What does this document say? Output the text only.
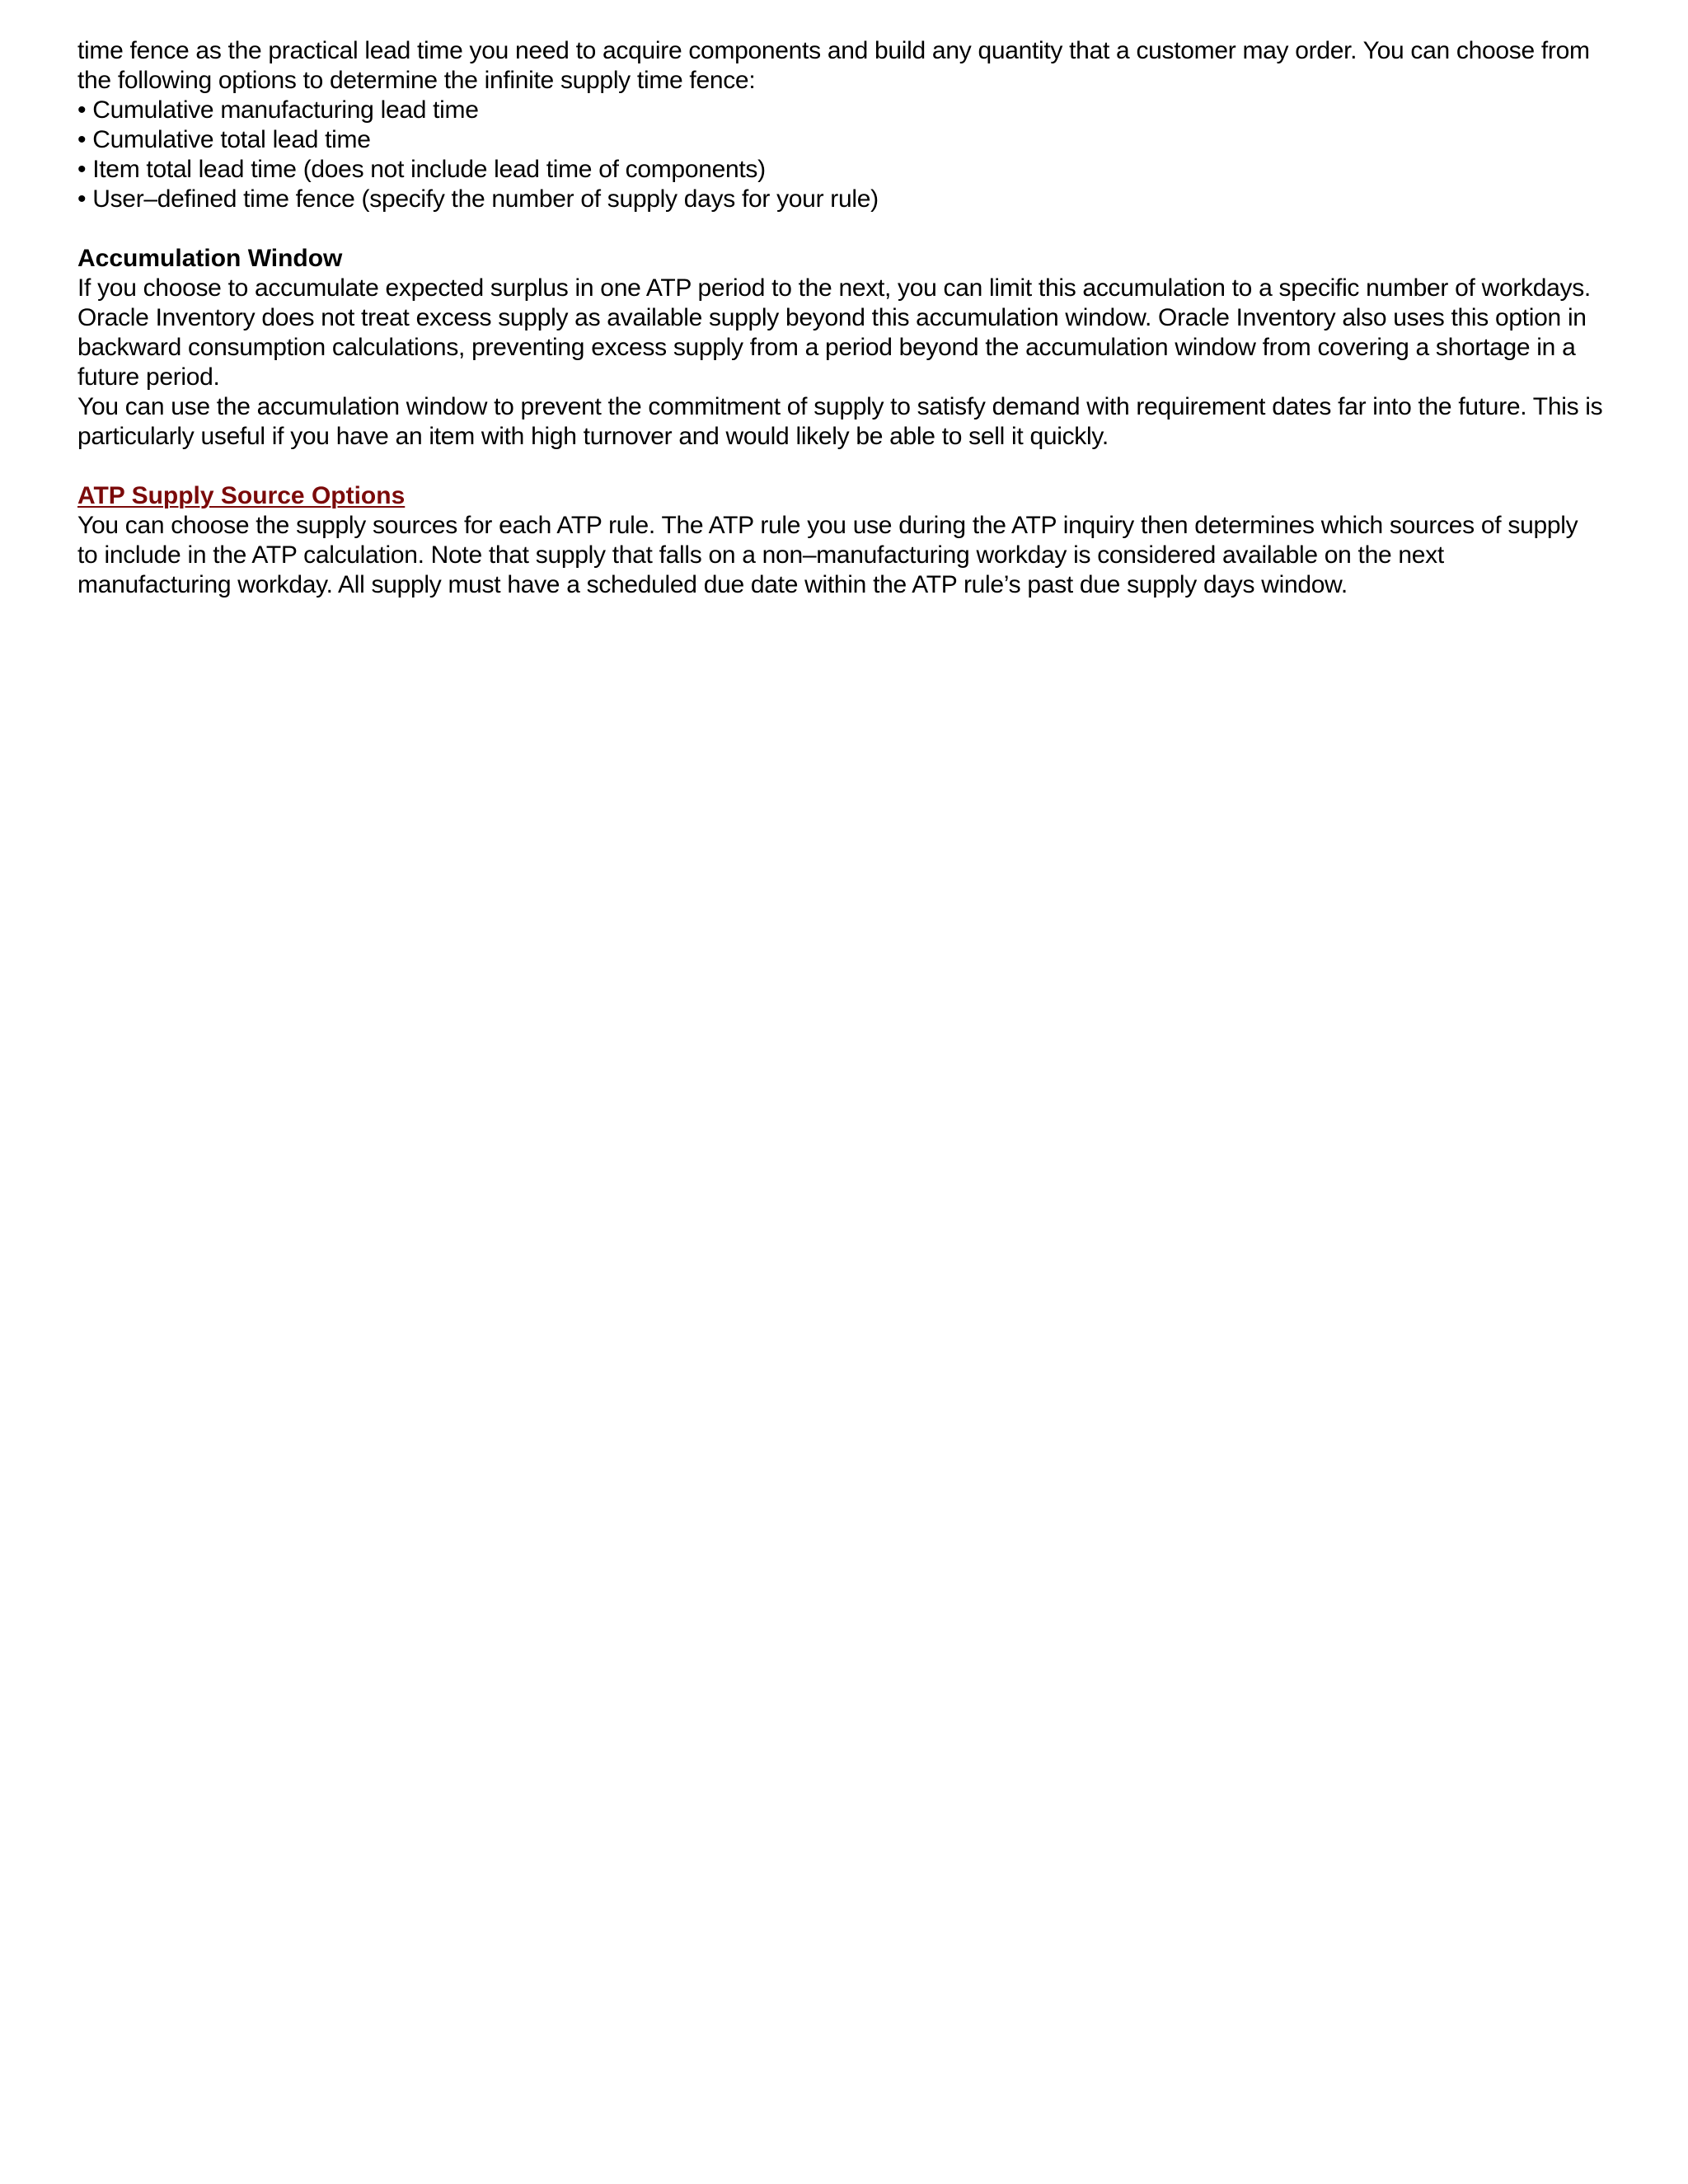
time fence as the practical lead time you need to acquire components and build any quantity that a customer may order. You can choose from
the following options to determine the infinite supply time fence:
• Cumulative manufacturing lead time
• Cumulative total lead time
• Item total lead time (does not include lead time of components)
• User–defined time fence (specify the number of supply days for your rule)
Accumulation Window
If you choose to accumulate expected surplus in one ATP period to the next, you can limit this accumulation to a specific number of workdays.
Oracle Inventory does not treat excess supply as available supply beyond this accumulation window. Oracle Inventory also uses this option in
backward consumption calculations, preventing excess supply from a period beyond the accumulation window from covering a shortage in a
future period.
You can use the accumulation window to prevent the commitment of supply to satisfy demand with requirement dates far into the future. This is
particularly useful if you have an item with high turnover and would likely be able to sell it quickly.
ATP Supply Source Options
You can choose the supply sources for each ATP rule. The ATP rule you use during the ATP inquiry then determines which sources of supply
to include in the ATP calculation. Note that supply that falls on a non–manufacturing workday is considered available on the next
manufacturing workday. All supply must have a scheduled due date within the ATP rule’s past due supply days window.
